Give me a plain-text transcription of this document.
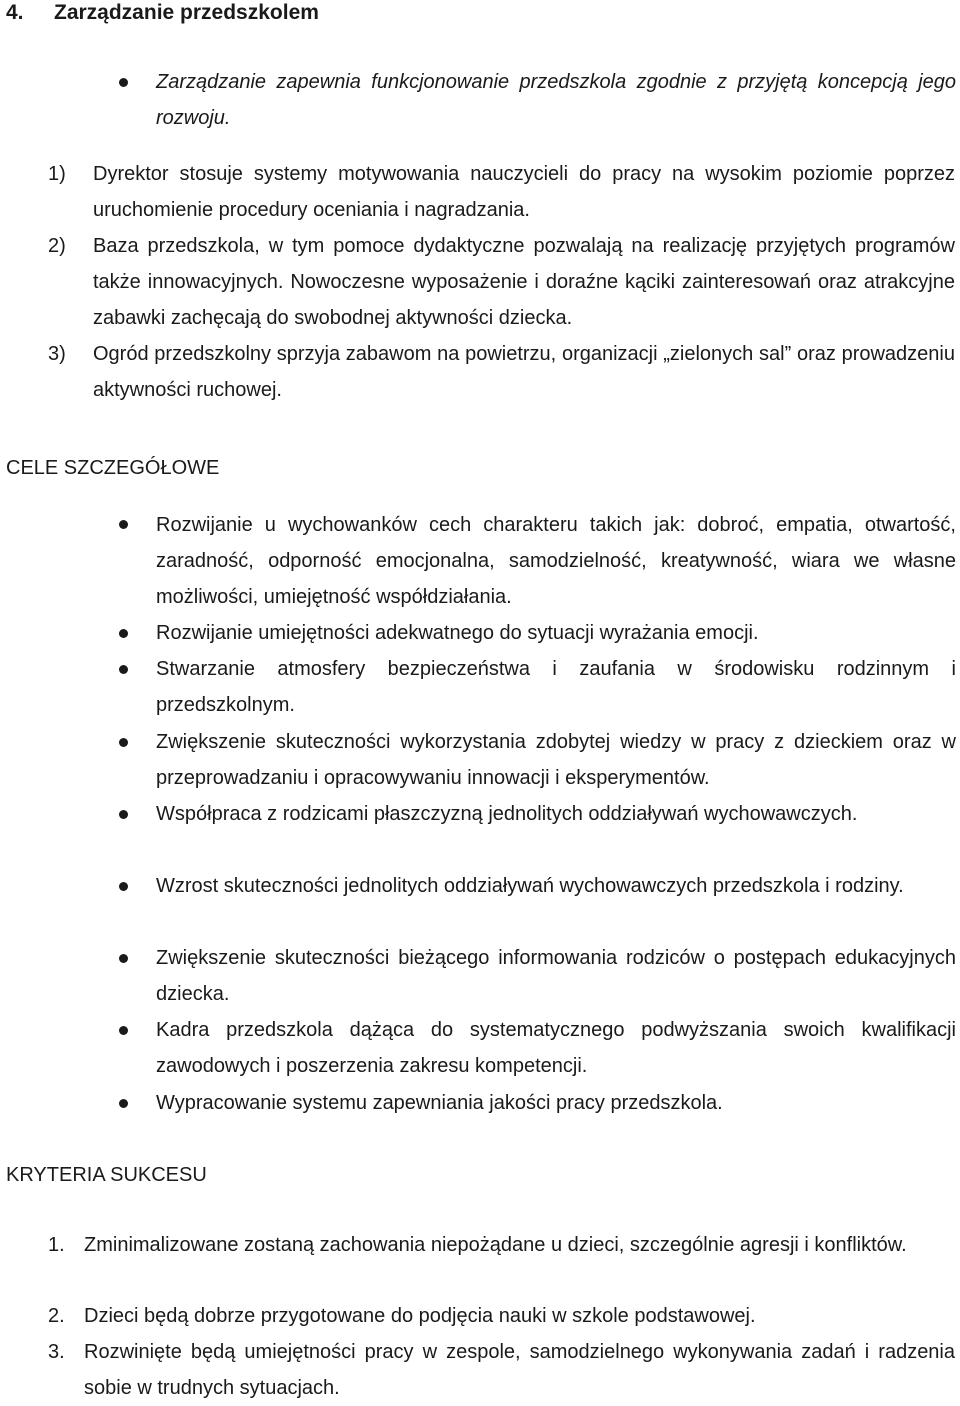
4. Zarządzanie przedszkolem
Zarządzanie zapewnia funkcjonowanie przedszkola zgodnie z przyjętą koncepcją jego rozwoju.
1) Dyrektor stosuje systemy motywowania nauczycieli do pracy na wysokim poziomie poprzez uruchomienie procedury oceniania i nagradzania.
2) Baza przedszkola, w tym pomoce dydaktyczne pozwalają na realizację przyjętych programów także innowacyjnych. Nowoczesne wyposażenie i doraźne kąciki zainteresowań oraz atrakcyjne zabawki zachęcają do swobodnej aktywności dziecka.
3) Ogród przedszkolny sprzyja zabawom na powietrzu, organizacji „zielonych sal” oraz prowadzeniu aktywności ruchowej.
CELE SZCZEGÓŁOWE
Rozwijanie u wychowanków cech charakteru takich jak: dobroć, empatia, otwartość, zaradność, odporność emocjonalna, samodzielność, kreatywność, wiara we własne możliwości, umiejętność współdziałania.
Rozwijanie umiejętności adekwatnego do sytuacji wyrażania emocji.
Stwarzanie atmosfery bezpieczeństwa i zaufania w środowisku rodzinnym i przedszkolnym.
Zwiększenie skuteczności wykorzystania zdobytej wiedzy w pracy z dzieckiem oraz w przeprowadzaniu i opracowywaniu innowacji i eksperymentów.
Współpraca z rodzicami płaszczyzną jednolitych oddziaływań wychowawczych.
Wzrost skuteczności jednolitych oddziaływań wychowawczych przedszkola i rodziny.
Zwiększenie skuteczności bieżącego informowania rodziców o postępach edukacyjnych dziecka.
Kadra przedszkola dążąca do systematycznego podwyższania swoich kwalifikacji zawodowych i poszerzenia zakresu kompetencji.
Wypracowanie systemu zapewniania jakości pracy przedszkola.
KRYTERIA SUKCESU
1. Zminimalizowane zostaną zachowania niepożądane u dzieci, szczególnie agresji i konfliktów.
2. Dzieci będą dobrze przygotowane do podjęcia nauki w szkole podstawowej.
3. Rozwinięte będą umiejętności pracy w zespole, samodzielnego wykonywania zadań i radzenia sobie w trudnych sytuacjach.
